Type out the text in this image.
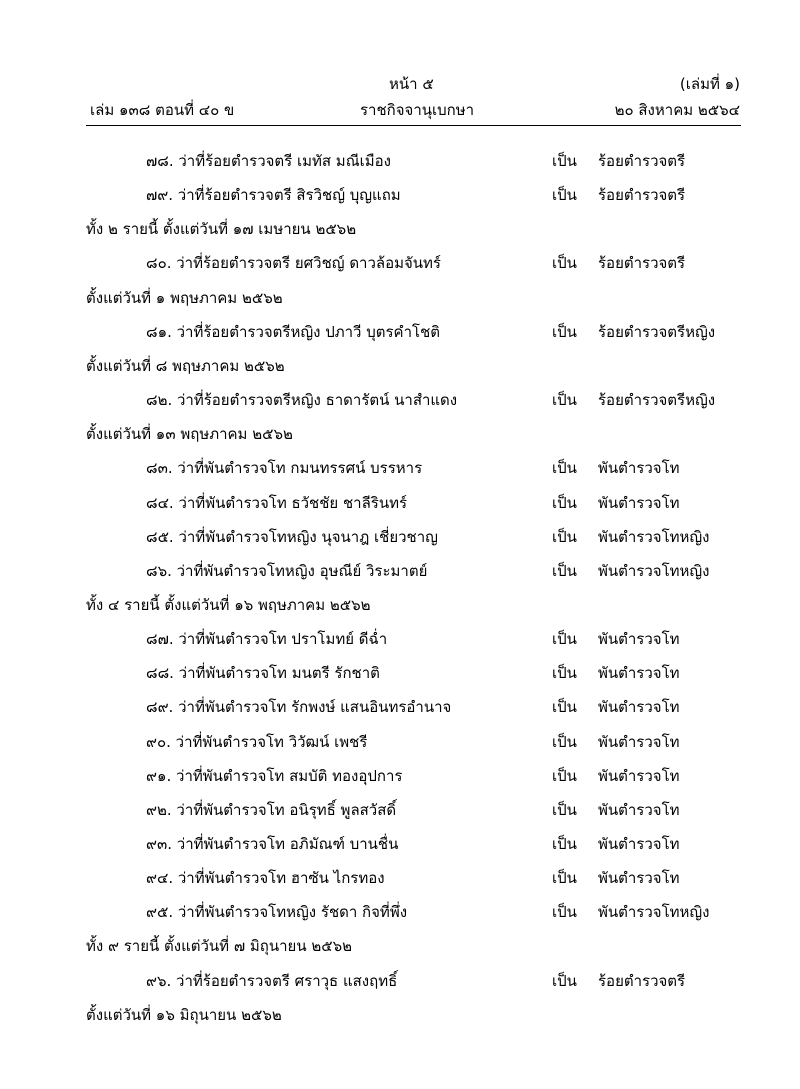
หน้า ๕	(เล่มที่ ๑)
เล่ม ๑๓๘ ตอนที่ ๔๐ ข	ราชกิจจานุเบกษา	๒๐ สิงหาคม ๒๕๖๔
๗๘. ว่าที่ร้อยตำรวจตรี เมทัส มณีเมือง	เป็น ร้อยตำรวจตรี
๗๙. ว่าที่ร้อยตำรวจตรี สิรวิชญ์ บุญแถม	เป็น ร้อยตำรวจตรี
ทั้ง ๒ รายนี้ ตั้งแต่วันที่ ๑๗ เมษายน ๒๕๖๒
๘๐. ว่าที่ร้อยตำรวจตรี ยศวิชญ์ ดาวล้อมจันทร์	เป็น ร้อยตำรวจตรี
ตั้งแต่วันที่ ๑ พฤษภาคม ๒๕๖๒
๘๑. ว่าที่ร้อยตำรวจตรีหญิง ปภาวี บุตรคำโชติ	เป็น ร้อยตำรวจตรีหญิง
ตั้งแต่วันที่ ๘ พฤษภาคม ๒๕๖๒
๘๒. ว่าที่ร้อยตำรวจตรีหญิง ธาดารัตน์ นาสำแดง	เป็น ร้อยตำรวจตรีหญิง
ตั้งแต่วันที่ ๑๓ พฤษภาคม ๒๕๖๒
๘๓. ว่าที่พันตำรวจโท กมนทรรศน์ บรรหาร	เป็น พันตำรวจโท
๘๔. ว่าที่พันตำรวจโท ธวัชชัย ชาลีรินทร์	เป็น พันตำรวจโท
๘๕. ว่าที่พันตำรวจโทหญิง นุจนาฎ เชี่ยวชาญ	เป็น พันตำรวจโทหญิง
๘๖. ว่าที่พันตำรวจโทหญิง อุษณีย์ วิระมาตย์	เป็น พันตำรวจโทหญิง
ทั้ง ๔ รายนี้ ตั้งแต่วันที่ ๑๖ พฤษภาคม ๒๕๖๒
๘๗. ว่าที่พันตำรวจโท ปราโมทย์ ดีฉ่ำ	เป็น พันตำรวจโท
๘๘. ว่าที่พันตำรวจโท มนตรี รักชาติ	เป็น พันตำรวจโท
๘๙. ว่าที่พันตำรวจโท รักพงษ์ แสนอินทรอำนาจ	เป็น พันตำรวจโท
๙๐. ว่าที่พันตำรวจโท วิวัฒน์ เพชรี	เป็น พันตำรวจโท
๙๑. ว่าที่พันตำรวจโท สมบัติ ทองอุปการ	เป็น พันตำรวจโท
๙๒. ว่าที่พันตำรวจโท อนิรุทธิ์ พูลสวัสดิ์	เป็น พันตำรวจโท
๙๓. ว่าที่พันตำรวจโท อภิมัณฑ์ บานชื่น	เป็น พันตำรวจโท
๙๔. ว่าที่พันตำรวจโท ฮาซัน ไกรทอง	เป็น พันตำรวจโท
๙๕. ว่าที่พันตำรวจโทหญิง รัชดา กิจที่พึ่ง	เป็น พันตำรวจโทหญิง
ทั้ง ๙ รายนี้ ตั้งแต่วันที่ ๗ มิถุนายน ๒๕๖๒
๙๖. ว่าที่ร้อยตำรวจตรี ศราวุธ แสงฤทธิ์	เป็น ร้อยตำรวจตรี
ตั้งแต่วันที่ ๑๖ มิถุนายน ๒๕๖๒
